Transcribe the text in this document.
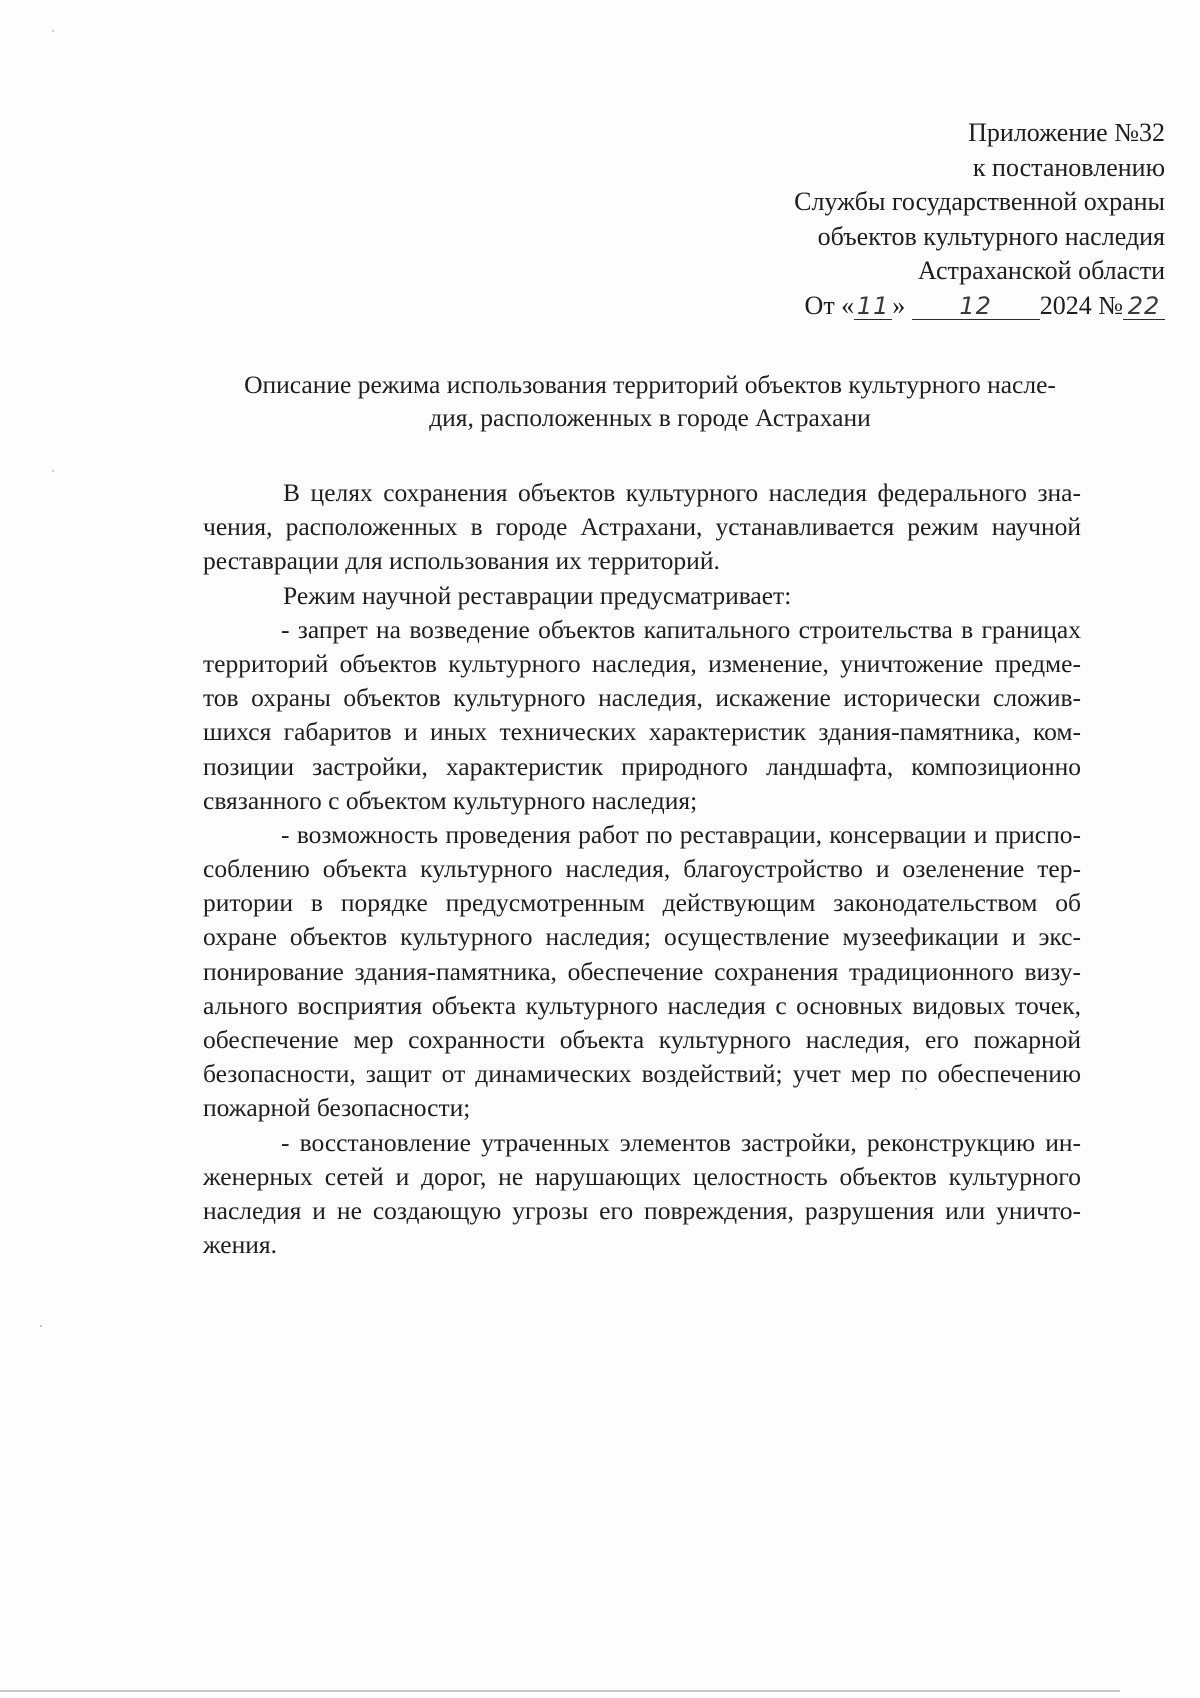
Приложение №32
к постановлению
Службы государственной охраны
объектов культурного наследия
Астраханской области
От « 11 » 12 2024 № 22
Описание режима использования территорий объектов культурного насле-
дия, расположенных в городе Астрахани
В целях сохранения объектов культурного наследия федерального зна-
чения, расположенных в городе Астрахани, устанавливается режим научной
реставрации для использования их территорий.
Режим научной реставрации предусматривает:
- запрет на возведение объектов капитального строительства в границах
территорий объектов культурного наследия, изменение, уничтожение предме-
тов охраны объектов культурного наследия, искажение исторически сложив-
шихся габаритов и иных технических характеристик здания-памятника, ком-
позиции застройки, характеристик природного ландшафта, композиционно
связанного с объектом культурного наследия;
- возможность проведения работ по реставрации, консервации и приспо-
соблению объекта культурного наследия, благоустройство и озеленение тер-
ритории в порядке предусмотренным действующим законодательством об
охране объектов культурного наследия; осуществление музеефикации и экс-
понирование здания-памятника, обеспечение сохранения традиционного визу-
ального восприятия объекта культурного наследия с основных видовых точек,
обеспечение мер сохранности объекта культурного наследия, его пожарной
безопасности, защит от динамических воздействий; учет мер по обеспечению
пожарной безопасности;
- восстановление утраченных элементов застройки, реконструкцию ин-
женерных сетей и дорог, не нарушающих целостность объектов культурного
наследия и не создающую угрозы его повреждения, разрушения или уничто-
жения.
